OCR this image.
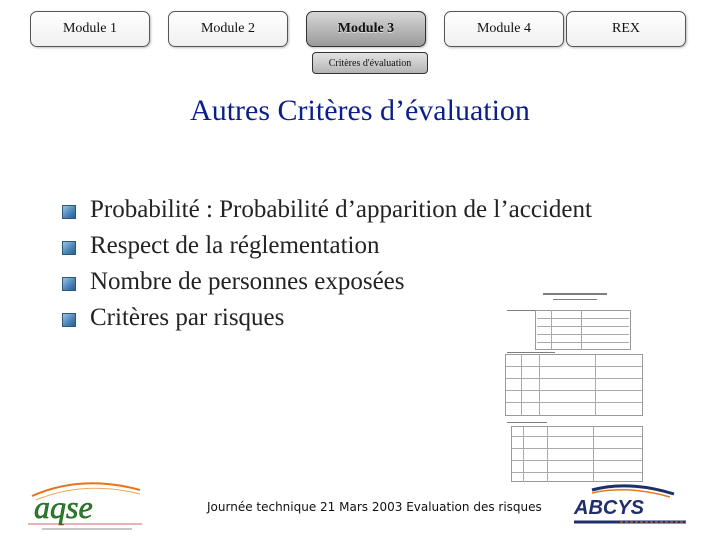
Module 1	Module 2	Module 3	Module 4	REX
Critères d'évaluation
Autres Critères d’évaluation
Probabilité : Probabilité d’apparition de l’accident
Respect de la réglementation
Nombre de personnes exposées
Critères par risques
Journée technique 21 Mars 2003 Evaluation des risques
aqse	ABCYS
